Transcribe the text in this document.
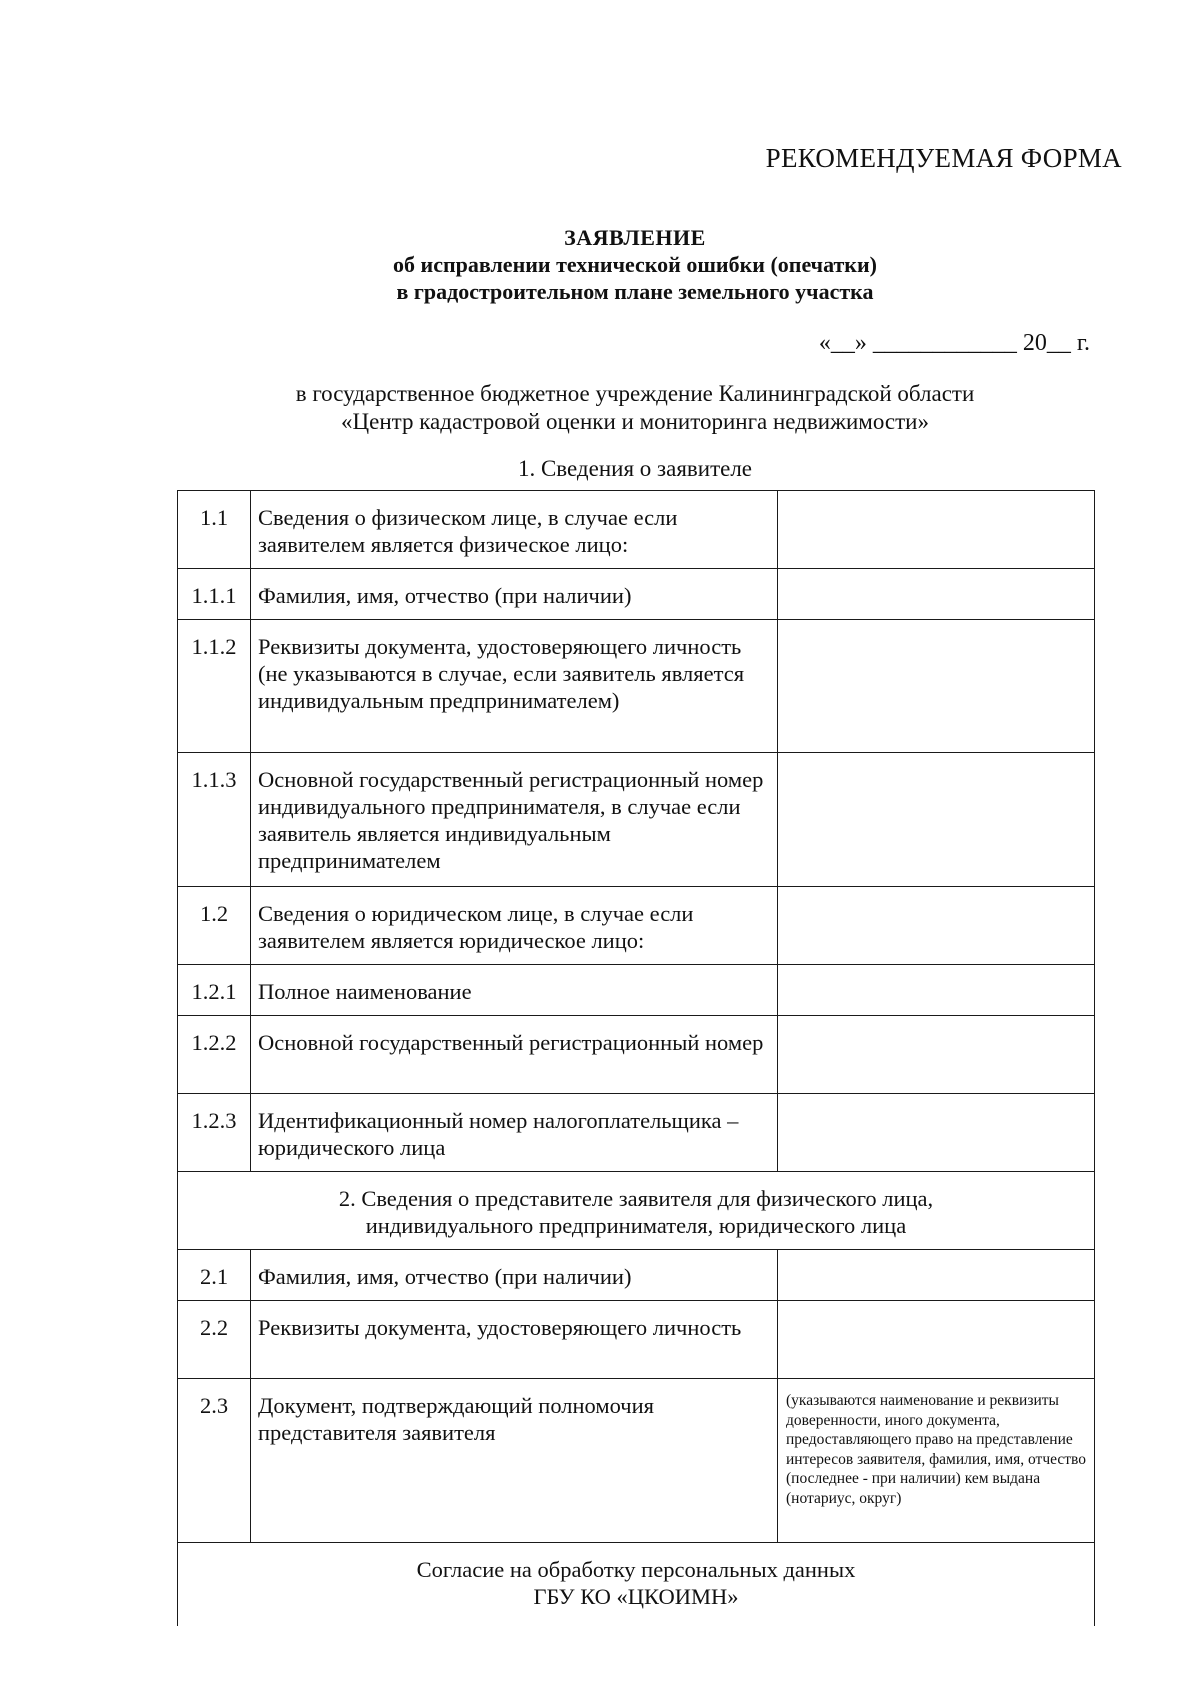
РЕКОМЕНДУЕМАЯ ФОРМА
ЗАЯВЛЕНИЕ
об исправлении технической ошибки (опечатки)
в градостроительном плане земельного участка
«__» ____________ 20__ г.
в государственное бюджетное учреждение Калининградской области
«Центр кадастровой оценки и мониторинга недвижимости»
1. Сведения о заявителе
1.1	Сведения о физическом лице, в случае если заявителем является физическое лицо:	
1.1.1	Фамилия, имя, отчество (при наличии)	
1.1.2	Реквизиты документа, удостоверяющего личность (не указываются в случае, если заявитель является индивидуальным предпринимателем)	
1.1.3	Основной государственный регистрационный номер индивидуального предпринимателя, в случае если заявитель является индивидуальным предпринимателем	
1.2	Сведения о юридическом лице, в случае если заявителем является юридическое лицо:	
1.2.1	Полное наименование	
1.2.2	Основной государственный регистрационный номер	
1.2.3	Идентификационный номер налогоплательщика – юридического лица	

2. Сведения о представителе заявителя для физического лица,
индивидуального предпринимателя, юридического лица		

2.1	Фамилия, имя, отчество (при наличии)	
2.2	Реквизиты документа, удостоверяющего личность	
2.3	Документ, подтверждающий полномочия представителя заявителя	(указываются наименование и реквизиты доверенности, иного документа, предоставляющего право на представление интересов заявителя, фамилия, имя, отчество (последнее - при наличии) кем выдана (нотариус, округ)

Согласие на обработку персональных данных
ГБУ КО «ЦКОИМН»		
